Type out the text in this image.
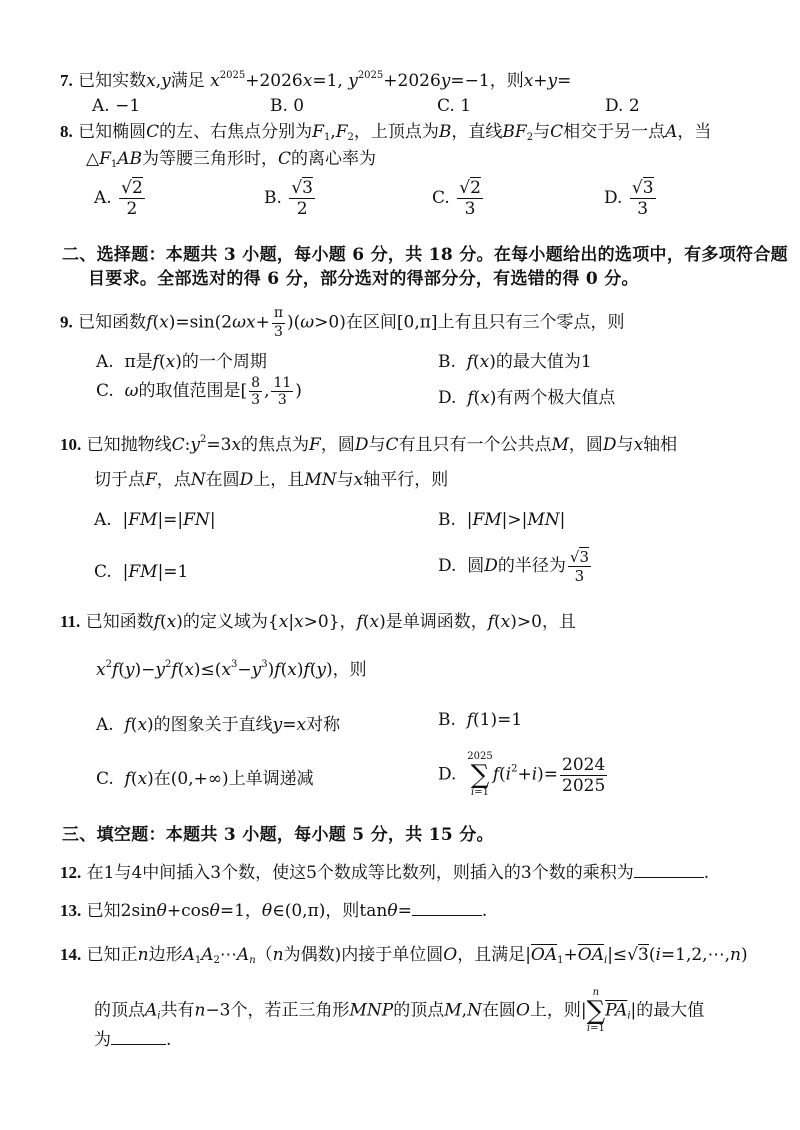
7. 已知实数x,y满足 $x^{2025}+2026x=1$, $y^{2025}+2026y=-1$，则x+y=
A. −1	B. 0	C. 1	D. 2
8. 已知椭圆C的左、右焦点分别为$F_1,F_2$，上顶点为B，直线$BF_2$与C相交于另一点A，当
$\triangle F_1AB$为等腰三角形时，C的离心率为
A. $\frac{√2}{2}$	B. $\frac{√3}{2}$	C. $\frac{√2}{3}$	D. $\frac{√3}{3}$
二、选择题：本题共 3 小题，每小题 6 分，共 18 分。在每小题给出的选项中，有多项符合题
目要求。全部选对的得 6 分，部分选对的得部分分，有选错的得 0 分。
9. 已知函数$f(x)=\sin(2\omega x+ \frac{\pi}{3} )(\omega>0)$在区间[0,π]上有且只有三个零点，则
A.  π是f(x)的一个周期	B. f(x)的最大值为1
C. ω的取值范围是[ $\frac{8}{3}$ , $\frac{11}{3}$ )	D. f(x)有两个极大值点
10. 已知抛物线$C:y^2=3x$的焦点为F，圆D与C有且只有一个公共点M，圆D与x轴相
切于点F，点N在圆D上，且MN与x轴平行，则
A.  |FM|=|FN|	B.  |FM|>|MN|
C.  |FM|=1	D. 圆D的半径为 $\frac{√3}{3}$
11. 已知函数f(x)的定义域为{x|x>0}，f(x)是单调函数，f(x)>0，且
$x^2f(y)-y^2f(x)\le(x^3-y^3)f(x)f(y)$，则
A. f(x)的图象关于直线y=x对称	B. f(1)=1
C. f(x)在(0,+∞)上单调递减	D.
2025
∑
i=1
$f(i^2+i)= \frac{2024}{2025}$
三、填空题：本题共 3 小题，每小题 5 分，共 15 分。
12. 在1与4中间插入3个数，使这5个数成等比数列，则插入的3个数的乘积为	.
13. 已知2sinθ+cosθ=1，θ∈(0,π)，则tanθ=	.
14. 已知正n边形$A_1A_2\cdots A_n(n$为偶数)内接于单位圆O，且满足$|\overline{OA}_1+\overline{OA}_i|\le√3(i=1,2,\cdots,n)$
的顶点$A_i$共有n−3个，若正三角形MNP的顶点M,N在圆O上，则|
n
∑
i=1
$\overline{PA}_i|$的最大值
为	.
